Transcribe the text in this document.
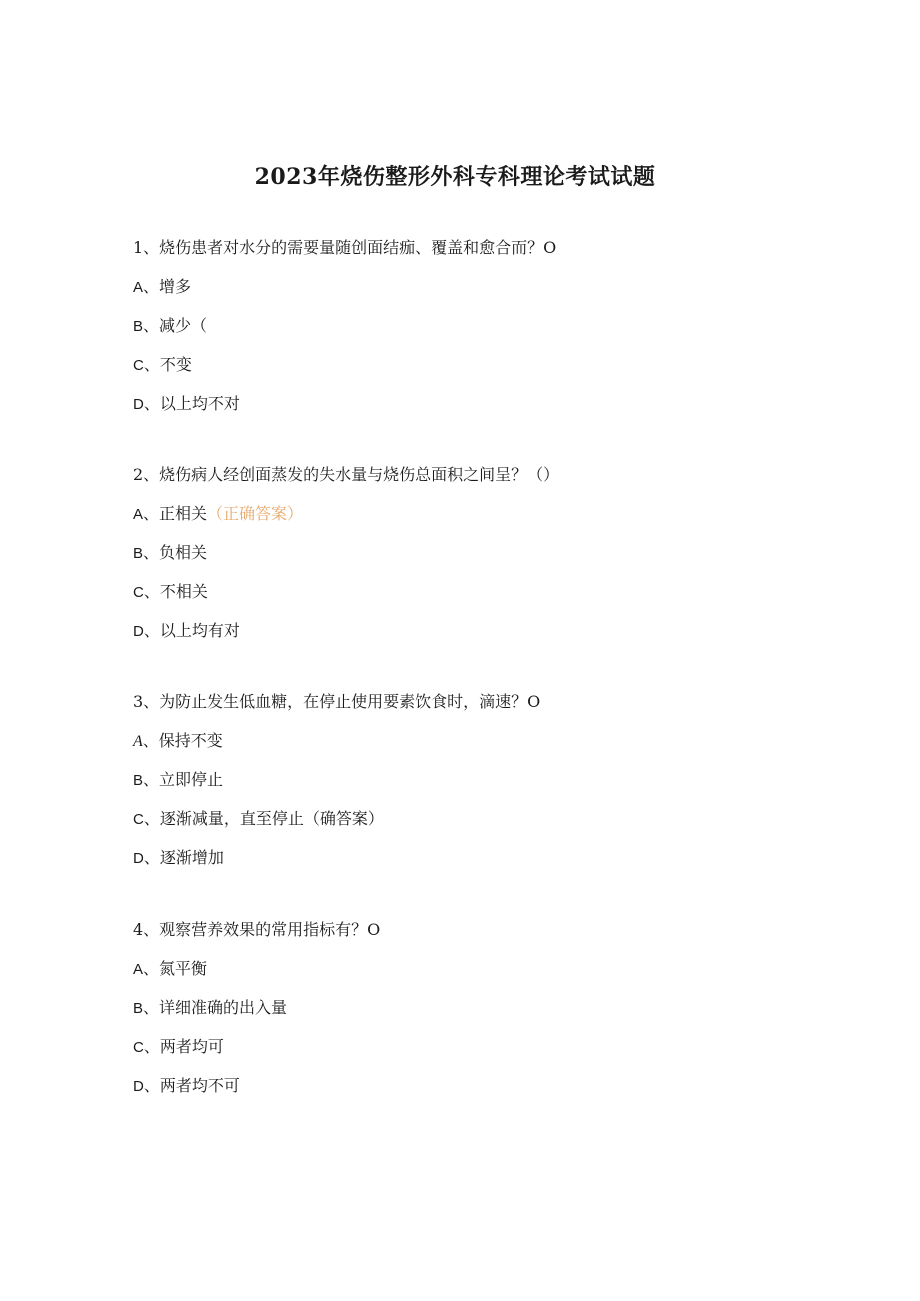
2023年烧伤整形外科专科理论考试试题
1、烧伤患者对水分的需要量随创面结痂、覆盖和愈合而？O
A、增多
B、减少（
C、不变
D、以上均不对
2、烧伤病人经创面蒸发的失水量与烧伤总面积之间呈？（）
A、正相关（正确答案）
B、负相关
C、不相关
D、以上均有对
3、为防止发生低血糖，在停止使用要素饮食时，滴速？O
A、保持不变
B、立即停止
C、逐渐减量，直至停止（确答案）
D、逐渐增加
4、观察营养效果的常用指标有？O
A、氮平衡
B、详细准确的出入量
C、两者均可
D、两者均不可
